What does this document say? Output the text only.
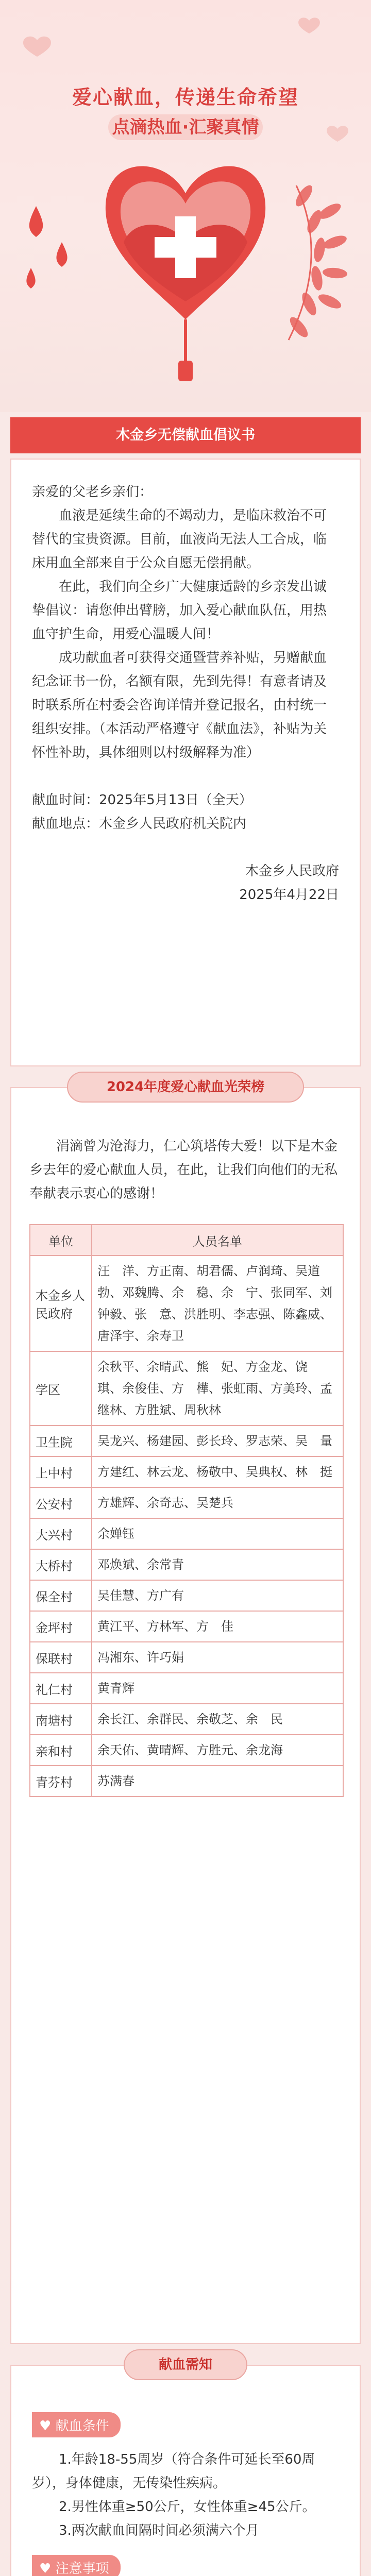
爱心献血，传递生命希望
点滴热血·汇聚真情
木金乡无偿献血倡议书

亲爱的父老乡亲们：

血液是延续生命的不竭动力，是临床救治不可替代的宝贵资源。目前，血液尚无法人工合成，临床用血全部来自于公众自愿无偿捐献。

在此，我们向全乡广大健康适龄的乡亲发出诚挚倡议：请您伸出臂膀，加入爱心献血队伍，用热血守护生命，用爱心温暖人间！

成功献血者可获得交通暨营养补贴，另赠献血纪念证书一份，名额有限，先到先得！有意者请及时联系所在村委会咨询详情并登记报名，由村统一组织安排。（本活动严格遵守《献血法》，补贴为关怀性补助，具体细则以村级解释为准）

献血时间：2025年5月13日（全天）

献血地点：木金乡人民政府机关院内

木金乡人民政府

2025年4月22日

涓滴曾为沧海力，仁心筑塔传大爱！以下是木金乡去年的爱心献血人员，在此，让我们向他们的无私奉献表示衷心的感谢！

单位	人员名单
木金乡人民政府	汪　洋、方正南、胡君儒、卢润琦、吴道勃、邓魏腾、余　稳、余　宁、张同军、刘钟毅、张　意、洪胜明、李志强、陈鑫威、唐泽宇、余寿卫
学区	余秋平、余晴武、熊　妃、方金龙、饶　琪、余俊佳、方　樺、张虹雨、方美玲、孟继林、方胜斌、周秋林
卫生院	吴龙兴、杨建园、彭长玲、罗志荣、吴　量
上中村	方建红、林云龙、杨敬中、吴典权、林　挺
公安村	方雄辉、余奇志、吴楚兵
大兴村	余婵钰
大桥村	邓焕斌、余常青
保全村	吴佳慧、方广有
金坪村	黄江平、方林军、方　佳
保联村	冯湘东、许巧娟
礼仁村	黄青辉
南塘村	余长江、余群民、余敬芝、余　民
亲和村	余天佑、黄晴辉、方胜元、余龙海
青芬村	苏满春
2024年度爱心献血光荣榜
♥ 献血条件

1.年龄18-55周岁（符合条件可延长至60周岁），身体健康，无传染性疾病。

2.男性体重≥50公斤，女性体重≥45公斤。

3.两次献血间隔时间必须满六个月

♥ 注意事项

献血需知
